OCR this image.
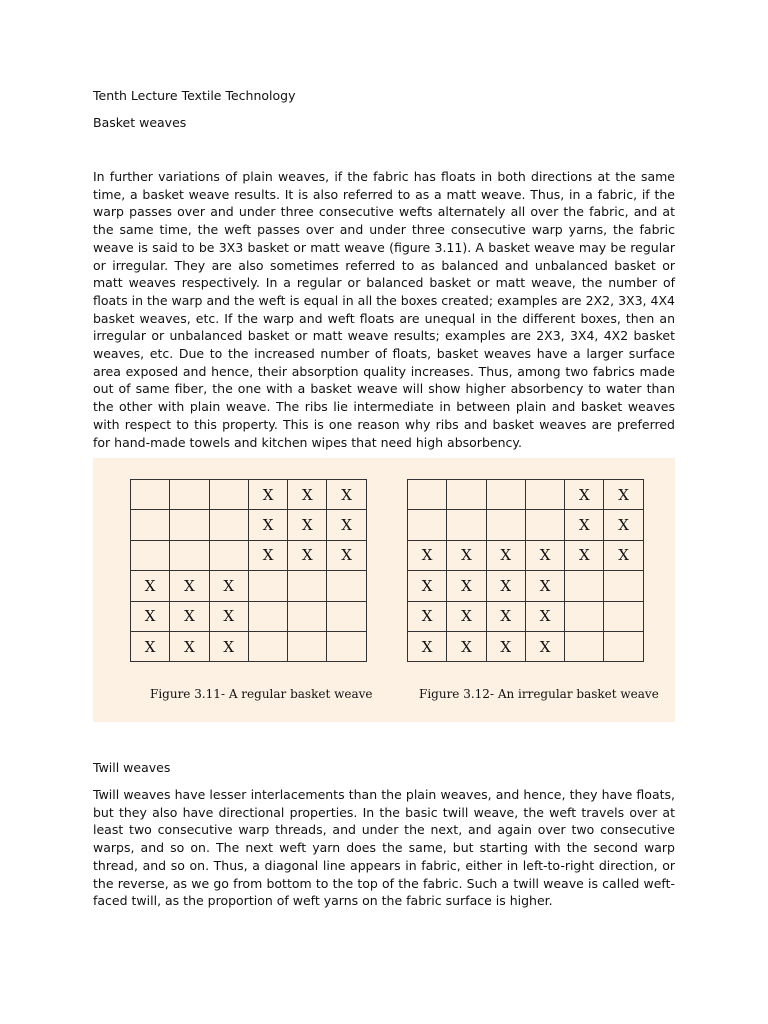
Tenth Lecture Textile Technology
Basket weaves

In further variations of plain weaves, if the fabric has floats in both directions at the same time, a basket weave results. It is also referred to as a matt weave. Thus, in a fabric, if the warp passes over and under three consecutive wefts alternately all over the fabric, and at the same time, the weft passes over and under three consecutive warp yarns, the fabric weave is said to be 3X3 basket or matt weave (figure 3.11). A basket weave may be regular or irregular. They are also sometimes referred to as balanced and unbalanced basket or matt weaves respectively. In a regular or balanced basket or matt weave, the number of floats in the warp and the weft is equal in all the boxes created; examples are 2X2, 3X3, 4X4 basket weaves, etc. If the warp and weft floats are unequal in the different boxes, then an irregular or unbalanced basket or matt weave results; examples are 2X3, 3X4, 4X2 basket weaves, etc. Due to the increased number of floats, basket weaves have a larger surface area exposed and hence, their absorption quality increases. Thus, among two fabrics made out of same fiber, the one with a basket weave will show higher absorbency to water than the other with plain weave. The ribs lie intermediate in between plain and basket weaves with respect to this property. This is one reason why ribs and basket weaves are preferred for hand-made towels and kitchen wipes that need high absorbency.

			X	X	X
			X	X	X
			X	X	X
X	X	X			
X	X	X			
X	X	X			
Figure 3.11- A regular basket weave
				X	X
				X	X
X	X	X	X	X	X
X	X	X	X		
X	X	X	X		
X	X	X	X		
Figure 3.12- An irregular basket weave
Twill weaves

Twill weaves have lesser interlacements than the plain weaves, and hence, they have floats, but they also have directional properties. In the basic twill weave, the weft travels over at least two consecutive warp threads, and under the next, and again over two consecutive warps, and so on. The next weft yarn does the same, but starting with the second warp thread, and so on. Thus, a diagonal line appears in fabric, either in left-to-right direction, or the reverse, as we go from bottom to the top of the fabric. Such a twill weave is called weft-faced twill, as the proportion of weft yarns on the fabric surface is higher.
